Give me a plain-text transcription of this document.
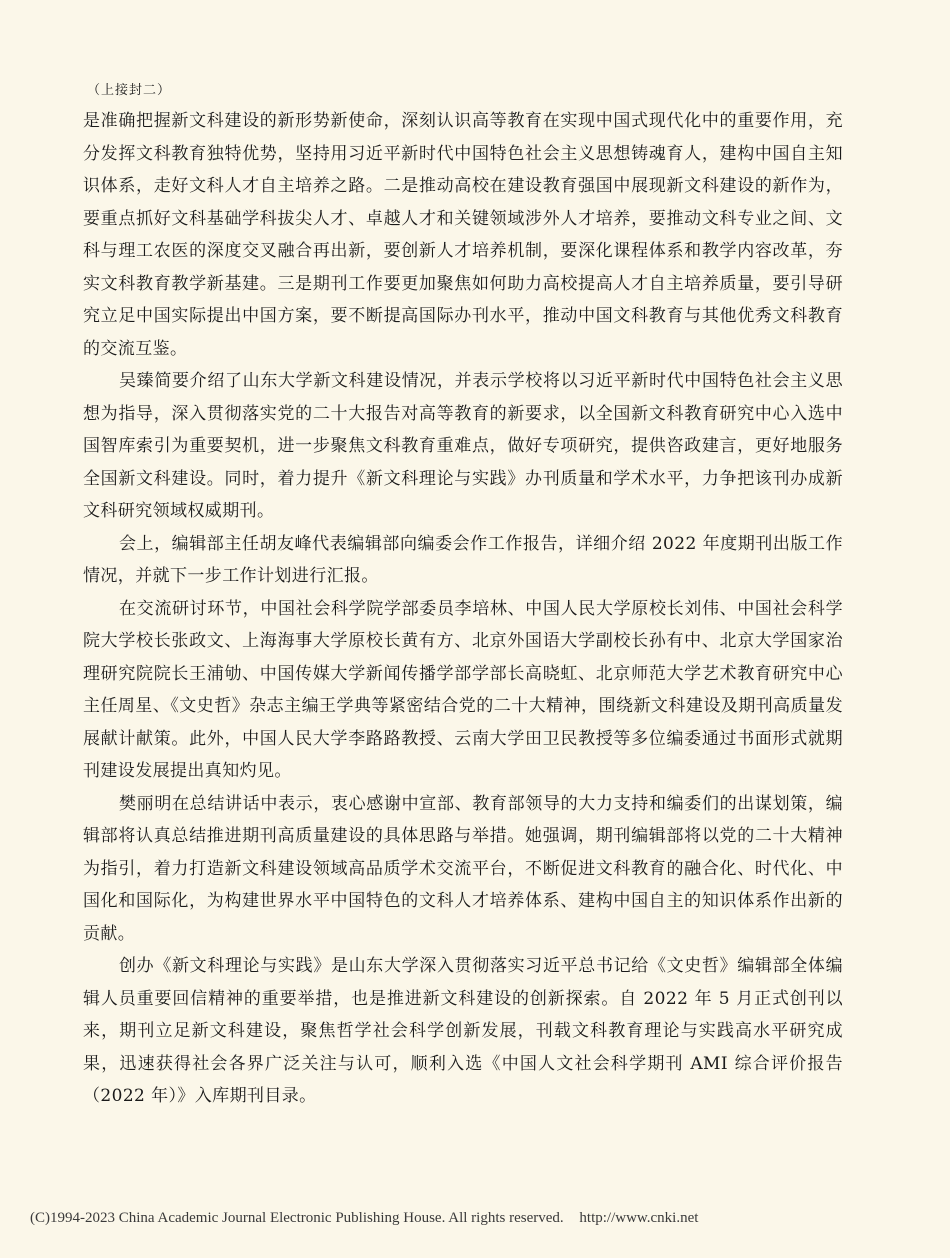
（上接封二）

是准确把握新文科建设的新形势新使命，深刻认识高等教育在实现中国式现代化中的重要作用，充分发挥文科教育独特优势，坚持用习近平新时代中国特色社会主义思想铸魂育人，建构中国自主知识体系，走好文科人才自主培养之路。二是推动高校在建设教育强国中展现新文科建设的新作为，要重点抓好文科基础学科拔尖人才、卓越人才和关键领域涉外人才培养，要推动文科专业之间、文科与理工农医的深度交叉融合再出新，要创新人才培养机制，要深化课程体系和教学内容改革，夯实文科教育教学新基建。三是期刊工作要更加聚焦如何助力高校提高人才自主培养质量，要引导研究立足中国实际提出中国方案，要不断提高国际办刊水平，推动中国文科教育与其他优秀文科教育的交流互鉴。

吴臻简要介绍了山东大学新文科建设情况，并表示学校将以习近平新时代中国特色社会主义思想为指导，深入贯彻落实党的二十大报告对高等教育的新要求，以全国新文科教育研究中心入选中国智库索引为重要契机，进一步聚焦文科教育重难点，做好专项研究，提供咨政建言，更好地服务全国新文科建设。同时，着力提升《新文科理论与实践》办刊质量和学术水平，力争把该刊办成新文科研究领域权威期刊。

会上，编辑部主任胡友峰代表编辑部向编委会作工作报告，详细介绍 2022 年度期刊出版工作情况，并就下一步工作计划进行汇报。

在交流研讨环节，中国社会科学院学部委员李培林、中国人民大学原校长刘伟、中国社会科学院大学校长张政文、上海海事大学原校长黄有方、北京外国语大学副校长孙有中、北京大学国家治理研究院院长王浦劬、中国传媒大学新闻传播学部学部长高晓虹、北京师范大学艺术教育研究中心主任周星、《文史哲》杂志主编王学典等紧密结合党的二十大精神，围绕新文科建设及期刊高质量发展献计献策。此外，中国人民大学李路路教授、云南大学田卫民教授等多位编委通过书面形式就期刊建设发展提出真知灼见。

樊丽明在总结讲话中表示，衷心感谢中宣部、教育部领导的大力支持和编委们的出谋划策，编辑部将认真总结推进期刊高质量建设的具体思路与举措。她强调，期刊编辑部将以党的二十大精神为指引，着力打造新文科建设领域高品质学术交流平台，不断促进文科教育的融合化、时代化、中国化和国际化，为构建世界水平中国特色的文科人才培养体系、建构中国自主的知识体系作出新的贡献。

创办《新文科理论与实践》是山东大学深入贯彻落实习近平总书记给《文史哲》编辑部全体编辑人员重要回信精神的重要举措，也是推进新文科建设的创新探索。自 2022 年 5 月正式创刊以来，期刊立足新文科建设，聚焦哲学社会科学创新发展，刊载文科教育理论与实践高水平研究成果，迅速获得社会各界广泛关注与认可，顺利入选《中国人文社会科学期刊 AMI 综合评价报告（2022 年）》入库期刊目录。

(C)1994-2023 China Academic Journal Electronic Publishing House. All rights reserved. http://www.cnki.net
